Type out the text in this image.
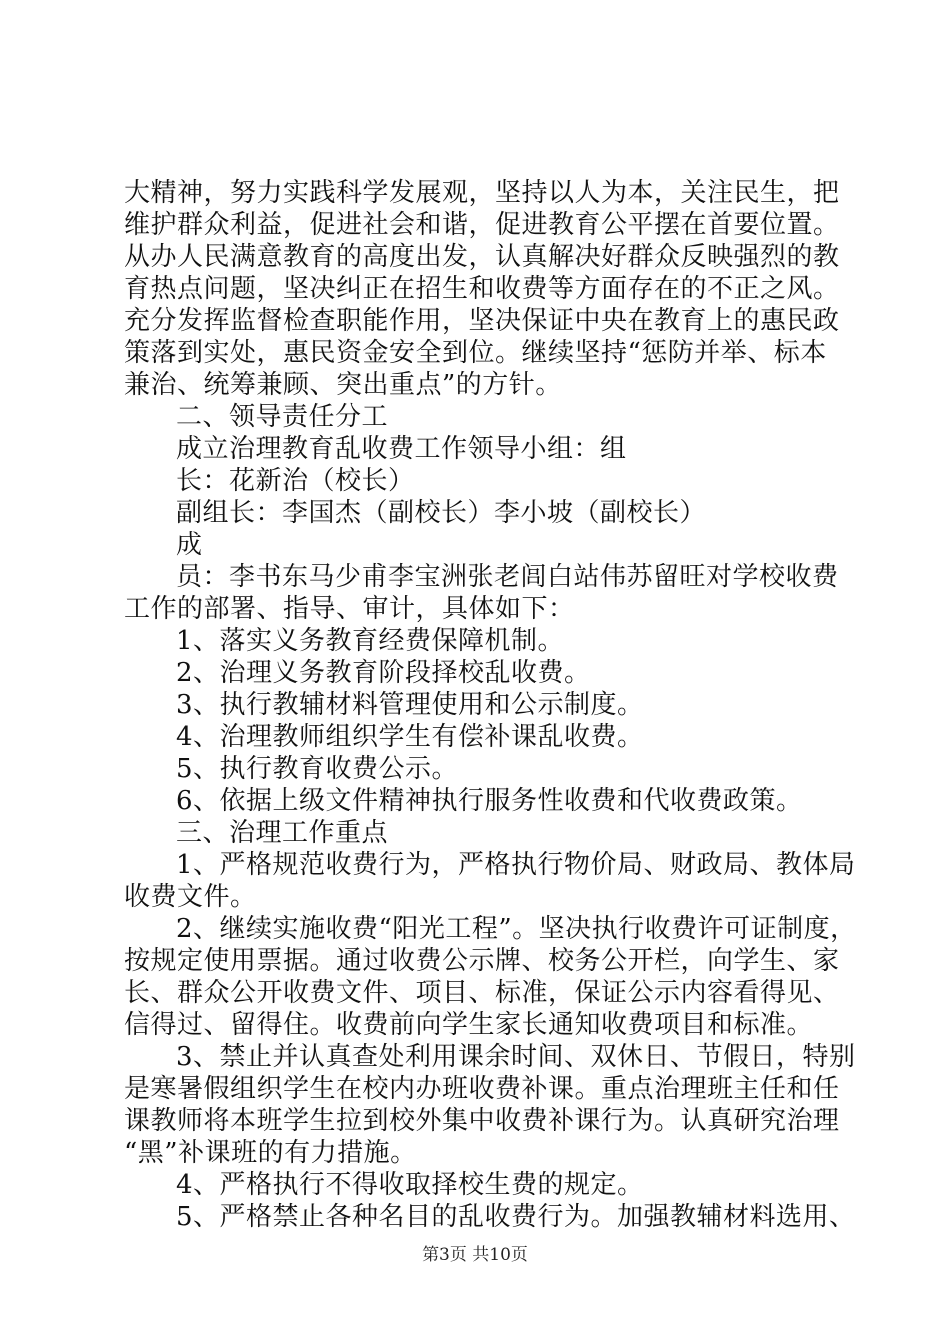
大精神，努力实践科学发展观，坚持以人为本，关注民生，把
维护群众利益，促进社会和谐，促进教育公平摆在首要位置。
从办人民满意教育的高度出发，认真解决好群众反映强烈的教
育热点问题，坚决纠正在招生和收费等方面存在的不正之风。
充分发挥监督检查职能作用，坚决保证中央在教育上的惠民政
策落到实处，惠民资金安全到位。继续坚持“惩防并举、标本
兼治、统筹兼顾、突出重点”的方针。
二、领导责任分工
成立治理教育乱收费工作领导小组：组
长：花新治（校长）
副组长：李国杰（副校长）李小坡（副校长）
成
员：李书东马少甫李宝洲张老闾白站伟苏留旺对学校收费
工作的部署、指导、审计，具体如下：
1、落实义务教育经费保障机制。
2、治理义务教育阶段择校乱收费。
3、执行教辅材料管理使用和公示制度。
4、治理教师组织学生有偿补课乱收费。
5、执行教育收费公示。
6、依据上级文件精神执行服务性收费和代收费政策。
三、治理工作重点
1、严格规范收费行为，严格执行物价局、财政局、教体局
收费文件。
2、继续实施收费“阳光工程”。坚决执行收费许可证制度，
按规定使用票据。通过收费公示牌、校务公开栏，向学生、家
长、群众公开收费文件、项目、标准，保证公示内容看得见、
信得过、留得住。收费前向学生家长通知收费项目和标准。
3、禁止并认真查处利用课余时间、双休日、节假日，特别
是寒暑假组织学生在校内办班收费补课。重点治理班主任和任
课教师将本班学生拉到校外集中收费补课行为。认真研究治理
“黑”补课班的有力措施。
4、严格执行不得收取择校生费的规定。
5、严格禁止各种名目的乱收费行为。加强教辅材料选用、
第3页 共10页
